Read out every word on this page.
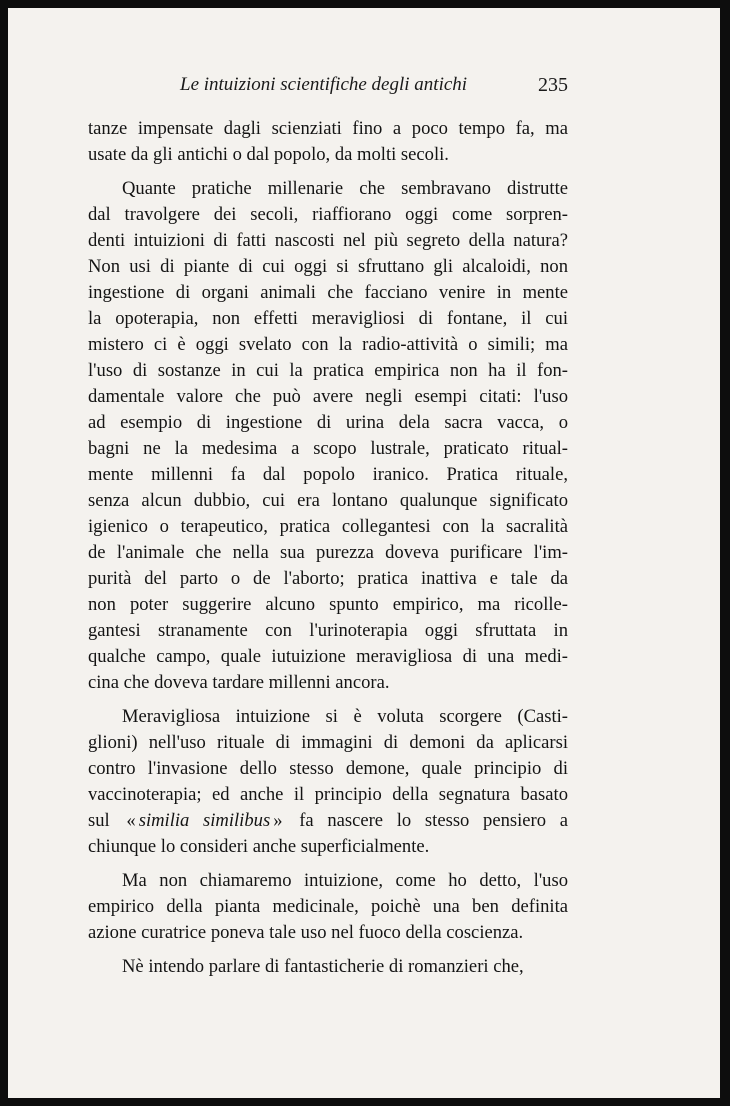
Le intuizioni scientifiche degli antichi	235
tanze impensate dagli scienziati fino a poco tempo fa, ma
usate da gli antichi o dal popolo, da molti secoli.
Quante pratiche millenarie che sembravano distrutte
dal travolgere dei secoli, riaffiorano oggi come sorpren-
denti intuizioni di fatti nascosti nel più segreto della natura?
Non usi di piante di cui oggi si sfruttano gli alcaloidi, non
ingestione di organi animali che facciano venire in mente
la opoterapia, non effetti meravigliosi di fontane, il cui
mistero ci è oggi svelato con la radio-attività o simili; ma
l'uso di sostanze in cui la pratica empirica non ha il fon-
damentale valore che può avere negli esempi citati: l'uso
ad esempio di ingestione di urina dela sacra vacca, o
bagni ne la medesima a scopo lustrale, praticato ritual-
mente millenni fa dal popolo iranico. Pratica rituale,
senza alcun dubbio, cui era lontano qualunque significato
igienico o terapeutico, pratica collegantesi con la sacralità
de l'animale che nella sua purezza doveva purificare l'im-
purità del parto o de l'aborto; pratica inattiva e tale da
non poter suggerire alcuno spunto empirico, ma ricolle-
gantesi stranamente con l'urinoterapia oggi sfruttata in
qualche campo, quale iutuizione meravigliosa di una medi-
cina che doveva tardare millenni ancora.
Meravigliosa intuizione si è voluta scorgere (Casti-
glioni) nell'uso rituale di immagini di demoni da aplicarsi
contro l'invasione dello stesso demone, quale principio di
vaccinoterapia; ed anche il principio della segnatura basato
sul « similia similibus » fa nascere lo stesso pensiero a
chiunque lo consideri anche superficialmente.
Ma non chiamaremo intuizione, come ho detto, l'uso
empirico della pianta medicinale, poichè una ben definita
azione curatrice poneva tale uso nel fuoco della coscienza.
Nè intendo parlare di fantasticherie di romanzieri che,
